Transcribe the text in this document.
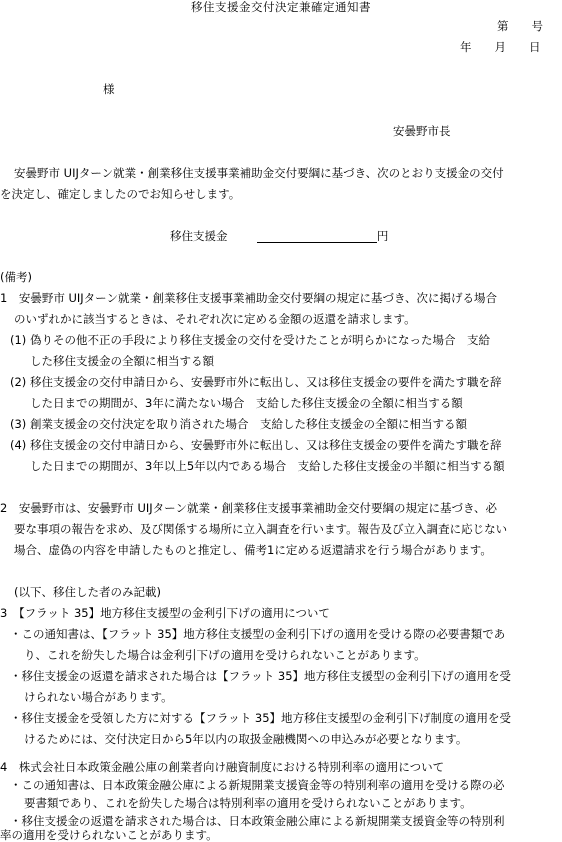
移住支援金交付決定兼確定通知書
第　　号
年　　月　　日
様
安曇野市長
安曇野市 UIJターン就業・創業移住支援事業補助金交付要綱に基づき、次のとおり支援金の交付
を決定し、確定しましたのでお知らせします。
移住支援金	円
(備考)
1　安曇野市 UIJターン就業・創業移住支援事業補助金交付要綱の規定に基づき、次に掲げる場合
のいずれかに該当するときは、それぞれ次に定める金額の返還を請求します。
(1) 偽りその他不正の手段により移住支援金の交付を受けたことが明らかになった場合　支給
した移住支援金の全額に相当する額
(2) 移住支援金の交付申請日から、安曇野市外に転出し、又は移住支援金の要件を満たす職を辞
した日までの期間が、3年に満たない場合　支給した移住支援金の全額に相当する額
(3) 創業支援金の交付決定を取り消された場合　支給した移住支援金の全額に相当する額
(4) 移住支援金の交付申請日から、安曇野市外に転出し、又は移住支援金の要件を満たす職を辞
した日までの期間が、3年以上5年以内である場合　支給した移住支援金の半額に相当する額
2　安曇野市は、安曇野市 UIJターン就業・創業移住支援事業補助金交付要綱の規定に基づき、必
要な事項の報告を求め、及び関係する場所に立入調査を行います。報告及び立入調査に応じない
場合、虚偽の内容を申請したものと推定し、備考1に定める返還請求を行う場合があります。
(以下、移住した者のみ記載)
3　【フラット 35】地方移住支援型の金利引下げの適用について
・この通知書は、【フラット 35】地方移住支援型の金利引下げの適用を受ける際の必要書類であ
り、これを紛失した場合は金利引下げの適用を受けられないことがあります。
・移住支援金の返還を請求された場合は【フラット 35】地方移住支援型の金利引下げの適用を受
けられない場合があります。
・移住支援金を受領した方に対する【フラット 35】地方移住支援型の金利引下げ制度の適用を受
けるためには、交付決定日から5年以内の取扱金融機関への申込みが必要となります。
4　株式会社日本政策金融公庫の創業者向け融資制度における特別利率の適用について
・この通知書は、日本政策金融公庫による新規開業支援資金等の特別利率の適用を受ける際の必
要書類であり、これを紛失した場合は特別利率の適用を受けられないことがあります。
・移住支援金の返還を請求された場合は、日本政策金融公庫による新規開業支援資金等の特別利
率の適用を受けられないことがあります。
